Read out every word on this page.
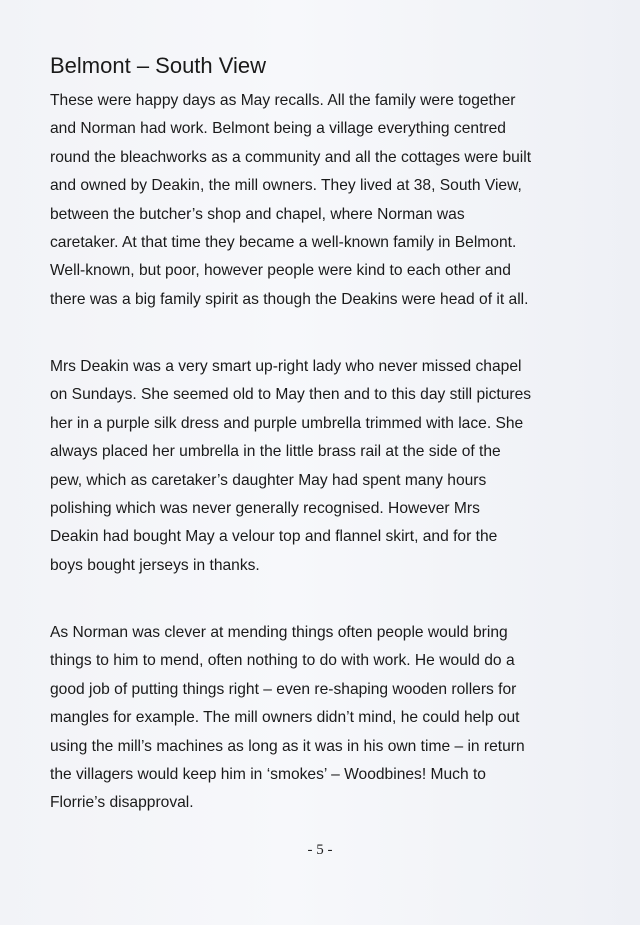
Belmont – South View

These were happy days as May recalls. All the family were together
and Norman had work. Belmont being a village everything centred
round the bleachworks as a community and all the cottages were built
and owned by Deakin, the mill owners. They lived at 38, South View,
between the butcher’s shop and chapel, where Norman was
caretaker. At that time they became a well-known family in Belmont.
Well-known, but poor, however people were kind to each other and
there was a big family spirit as though the Deakins were head of it all.

Mrs Deakin was a very smart up-right lady who never missed chapel
on Sundays. She seemed old to May then and to this day still pictures
her in a purple silk dress and purple umbrella trimmed with lace. She
always placed her umbrella in the little brass rail at the side of the
pew, which as caretaker’s daughter May had spent many hours
polishing which was never generally recognised. However Mrs
Deakin had bought May a velour top and flannel skirt, and for the
boys bought jerseys in thanks.

As Norman was clever at mending things often people would bring
things to him to mend, often nothing to do with work. He would do a
good job of putting things right – even re-shaping wooden rollers for
mangles for example. The mill owners didn’t mind, he could help out
using the mill’s machines as long as it was in his own time – in return
the villagers would keep him in ‘smokes’ – Woodbines! Much to
Florrie’s disapproval.

- 5 -
